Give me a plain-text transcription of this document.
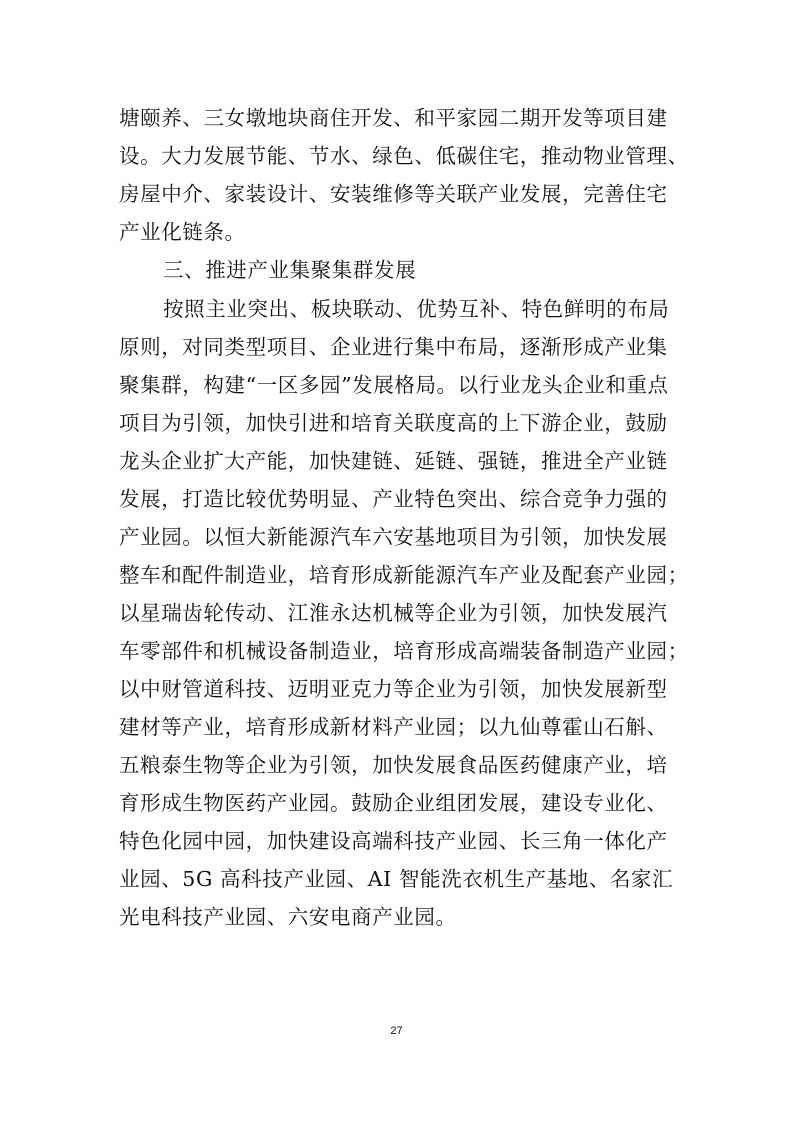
塘颐养、三女墩地块商住开发、和平家园二期开发等项目建
设。大力发展节能、节水、绿色、低碳住宅，推动物业管理、
房屋中介、家装设计、安装维修等关联产业发展，完善住宅
产业化链条。
三、推进产业集聚集群发展
按照主业突出、板块联动、优势互补、特色鲜明的布局
原则，对同类型项目、企业进行集中布局，逐渐形成产业集
聚集群，构建“一区多园”发展格局。以行业龙头企业和重点
项目为引领，加快引进和培育关联度高的上下游企业，鼓励
龙头企业扩大产能，加快建链、延链、强链，推进全产业链
发展，打造比较优势明显、产业特色突出、综合竞争力强的
产业园。以恒大新能源汽车六安基地项目为引领，加快发展
整车和配件制造业，培育形成新能源汽车产业及配套产业园；
以星瑞齿轮传动、江淮永达机械等企业为引领，加快发展汽
车零部件和机械设备制造业，培育形成高端装备制造产业园；
以中财管道科技、迈明亚克力等企业为引领，加快发展新型
建材等产业，培育形成新材料产业园；以九仙尊霍山石斛、
五粮泰生物等企业为引领，加快发展食品医药健康产业，培
育形成生物医药产业园。鼓励企业组团发展，建设专业化、
特色化园中园，加快建设高端科技产业园、长三角一体化产
业园、5G 高科技产业园、AI 智能洗衣机生产基地、名家汇
光电科技产业园、六安电商产业园。
27
